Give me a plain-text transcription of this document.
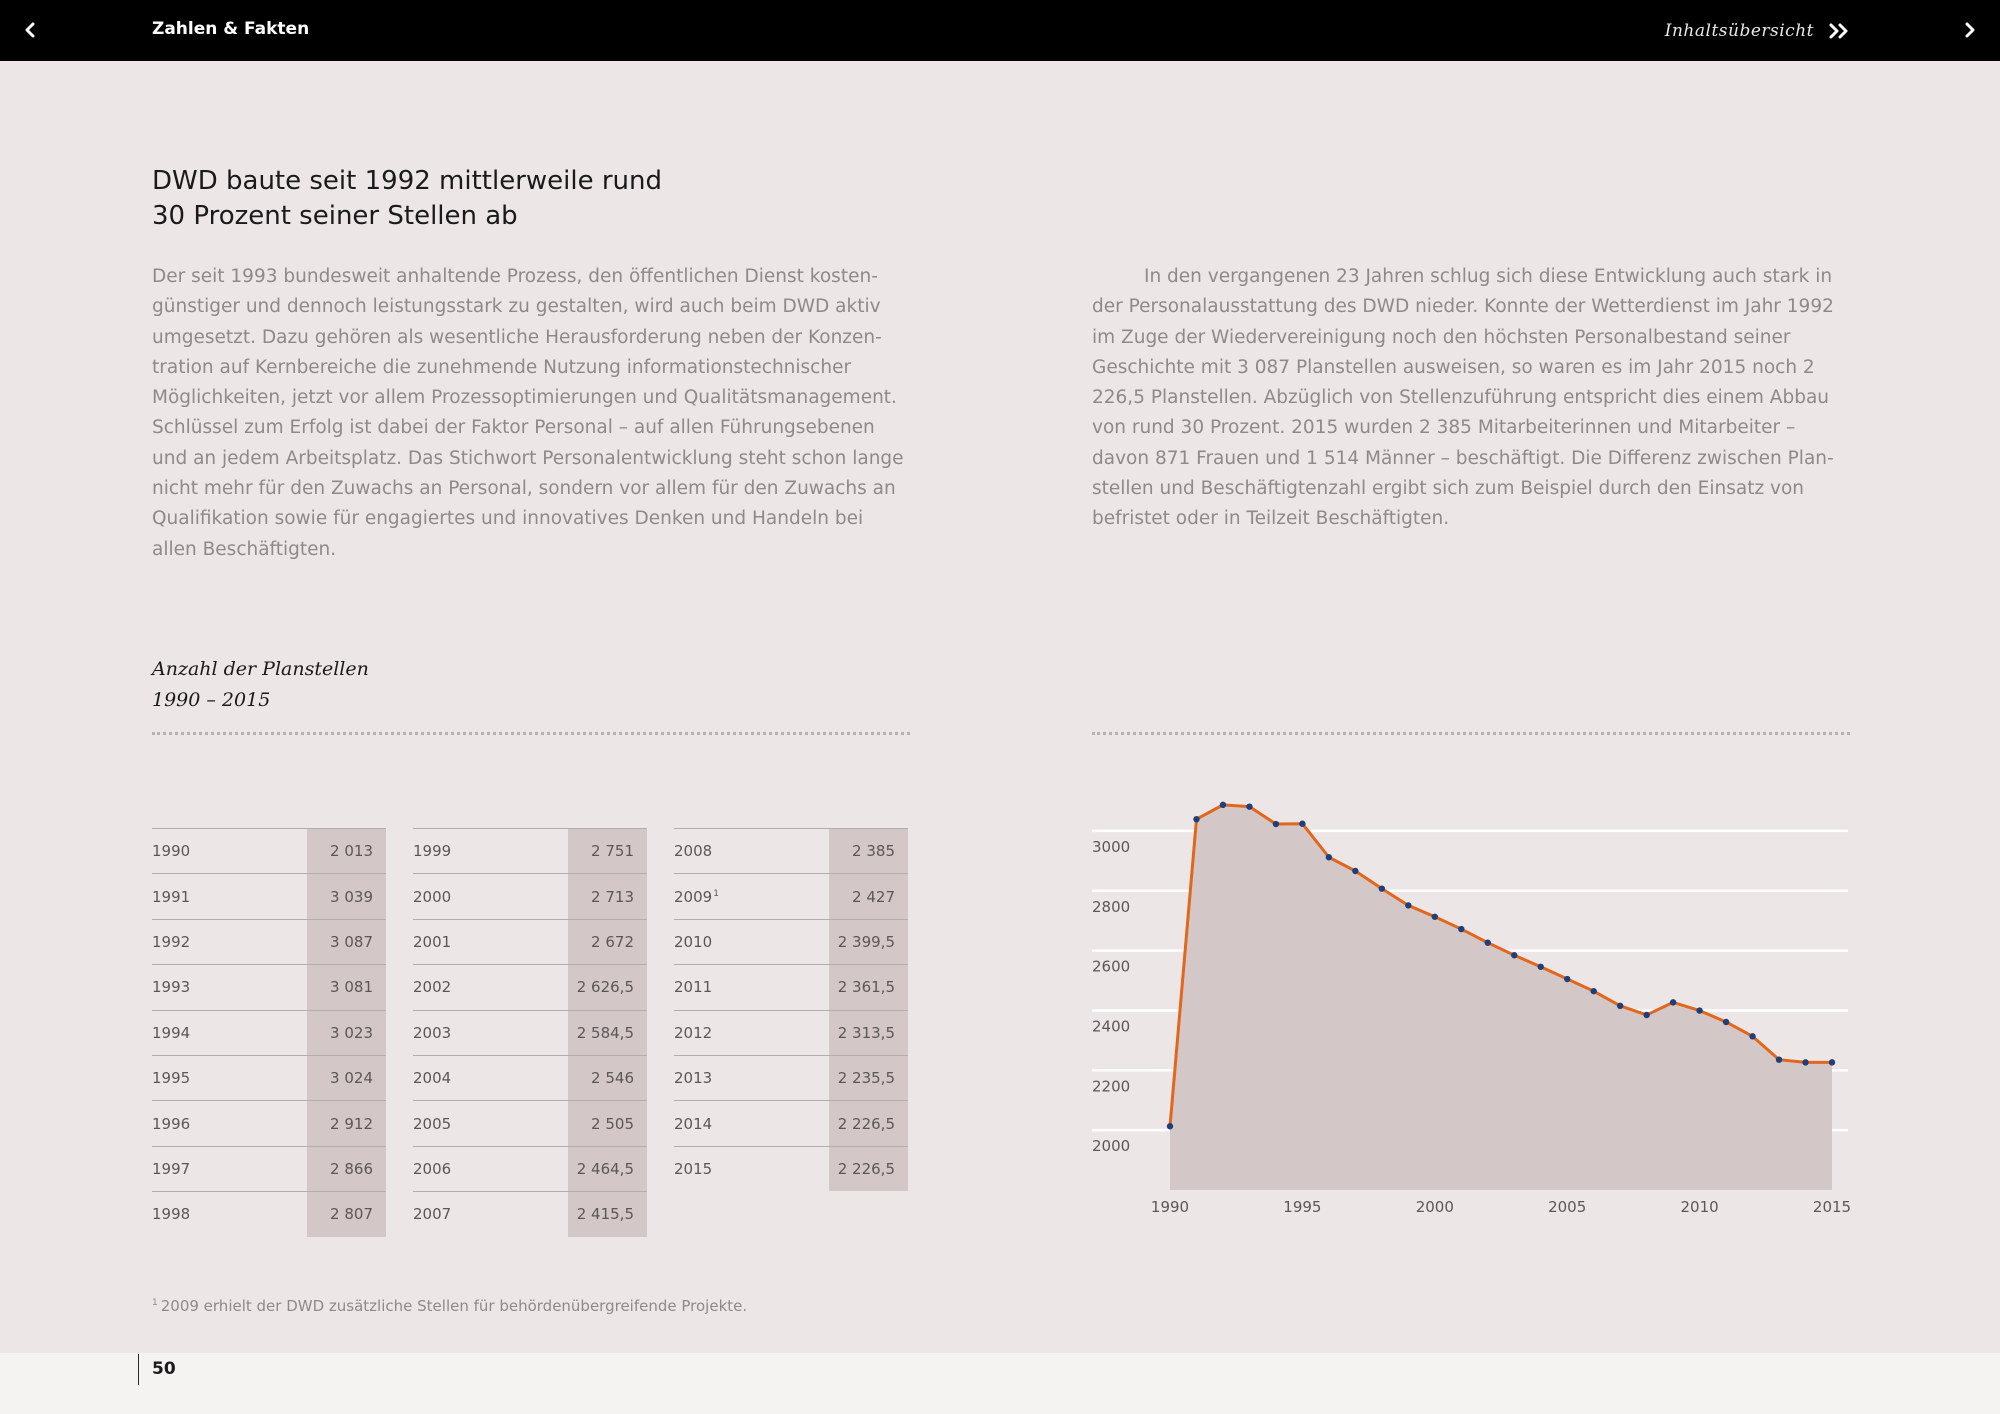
Zahlen & Fakten	Inhaltsübersicht
DWD baute seit 1992 mittlerweile rund
30 Prozent seiner Stellen ab

Der seit 1993 bundesweit anhaltende Prozess, den öffentlichen Dienst kostengünstiger und dennoch leistungsstark zu gestalten, wird auch beim DWD aktiv umgesetzt. Dazu gehören als wesentliche Herausforderung neben der Konzentration auf Kernbereiche die zunehmende Nutzung informationstechnischer Möglichkeiten, jetzt vor allem Prozessoptimierungen und Qualitätsmanagement. Schlüssel zum Erfolg ist dabei der Faktor Personal – auf allen Führungsebenen und an jedem Arbeitsplatz. Das Stichwort Personalentwicklung steht schon lange nicht mehr für den Zuwachs an Personal, sondern vor allem für den Zuwachs an Qualifikation sowie für engagiertes und innovatives Denken und Handeln bei allen Beschäftigten.

In den vergangenen 23 Jahren schlug sich diese Entwicklung auch stark in der Personalausstattung des DWD nieder. Konnte der Wetterdienst im Jahr 1992 im Zuge der Wiedervereinigung noch den höchsten Personalbestand seiner Geschichte mit 3 087 Planstellen ausweisen, so waren es im Jahr 2015 noch 2 226,5 Planstellen. Abzüglich von Stellenzuführung entspricht dies einem Abbau von rund 30 Prozent. 2015 wurden 2 385 Mitarbeiterinnen und Mitarbeiter – davon 871 Frauen und 1 514 Männer – beschäftigt. Die Differenz zwischen Planstellen und Beschäftigtenzahl ergibt sich zum Beispiel durch den Einsatz von befristet oder in Teilzeit Beschäftigten.

Anzahl der Planstellen
1990 – 2015
1990	2 013
1991	3 039
1992	3 087
1993	3 081
1994	3 023
1995	3 024
1996	2 912
1997	2 866
1998	2 807
1999	2 751
2000	2 713
2001	2 672
2002	2 626,5
2003	2 584,5
2004	2 546
2005	2 505
2006	2 464,5
2007	2 415,5
2008	2 385
2009$^1$	2 427
2010	2 399,5
2011	2 361,5
2012	2 313,5
2013	2 235,5
2014	2 226,5
2015	2 226,5
2000
2200
2400
2600
2800
3000
1990	1995	2000	2005	2010	2015
$^1$ 2009 erhielt der DWD zusätzliche Stellen für behördenübergreifende Projekte.
50
